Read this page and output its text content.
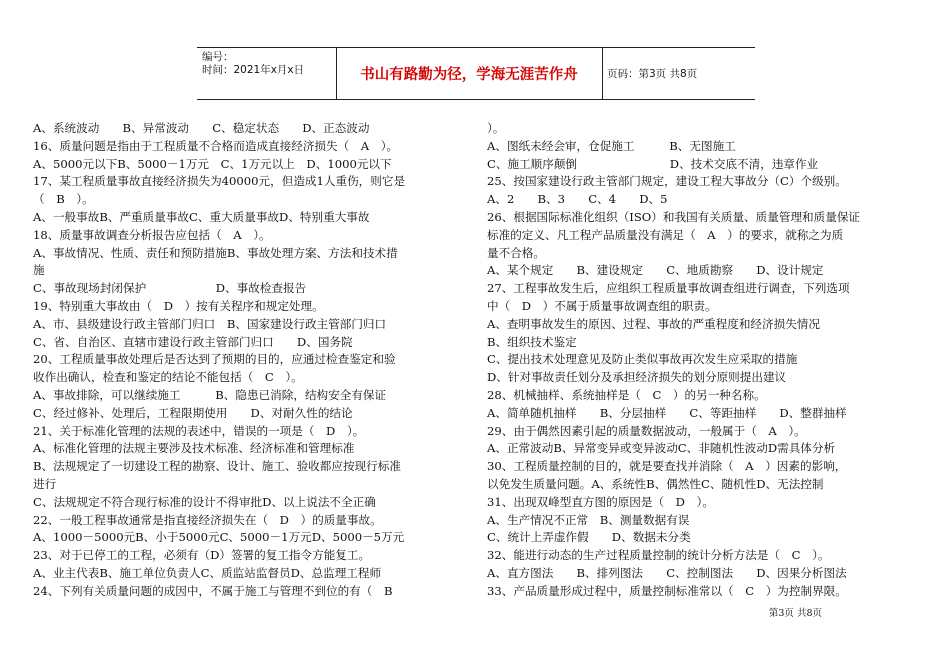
编号：
时间：2021年x月x日	书山有路勤为径，学海无涯苦作舟	页码：第3页 共8页
A、系统波动　　B、异常波动　　C、稳定状态　　D、正态波动
16、质量问题是指由于工程质量不合格而造成直接经济损失（　A　）。
A、5000元以下B、5000－1万元　C、1万元以上　D、1000元以下
17、某工程质量事故直接经济损失为40000元，但造成1人重伤，则它是
（　B　）。
A、一般事故B、严重质量事故C、重大质量事故D、特别重大事故
18、质量事故调查分析报告应包括（　A　）。
A、事故情况、性质、责任和预防措施B、事故处理方案、方法和技术措
施
C、事故现场封闭保护　　　　　　D、事故检查报告
19、特别重大事故由（　D　）按有关程序和规定处理。
A、市、县级建设行政主管部门归口　B、国家建设行政主管部门归口
C、省、自治区、直辖市建设行政主管部门归口　　D、国务院
20、工程质量事故处理后是否达到了预期的目的，应通过检查鉴定和验
收作出确认，检查和鉴定的结论不能包括（　C　）。
A、事故排除，可以继续施工　　　B、隐患已消除，结构安全有保证
C、经过修补、处理后，工程限期使用　　D、对耐久性的结论
21、关于标准化管理的法规的表述中，错误的一项是（　D　）。
A、标准化管理的法规主要涉及技术标准、经济标准和管理标准
B、法规规定了一切建设工程的勘察、设计、施工、验收都应按现行标准
进行
C、法规规定不符合现行标准的设计不得审批D、以上说法不全正确
22、一般工程事故通常是指直接经济损失在（　D　）的质量事故。
A、1000－5000元B、小于5000元C、5000－1万元D、5000－5万元
23、对于已停工的工程，必须有（D）签署的复工指令方能复工。
A、业主代表B、施工单位负责人C、质监站监督员D、总监理工程师
24、下列有关质量问题的成因中，不属于施工与管理不到位的有（　B
）。
A、图纸未经会审，仓促施工　　　B、无图施工
C、施工顺序颠倒　　　　　　　　D、技术交底不清，违章作业
25、按国家建设行政主管部门规定，建设工程大事故分（C）个级别。
A、2　　B、3　　C、4　　D、5
26、根据国际标准化组织（ISO）和我国有关质量、质量管理和质量保证
标准的定义、凡工程产品质量没有满足（　A　）的要求，就称之为质
量不合格。
A、某个规定　　B、建设规定　　C、地质勘察　　D、设计规定
27、工程事故发生后，应组织工程质量事故调查组进行调查，下列选项
中（　D　）不属于质量事故调查组的职责。
A、查明事故发生的原因、过程、事故的严重程度和经济损失情况
B、组织技术鉴定
C、提出技术处理意见及防止类似事故再次发生应采取的措施
D、针对事故责任划分及承担经济损失的划分原则提出建议
28、机械抽样、系统抽样是（　C　）的另一种名称。
A、简单随机抽样　　B、分层抽样　　C、等距抽样　　D、整群抽样
29、由于偶然因素引起的质量数据波动，一般属于（　A　）。
A、正常波动B、异常变异或变异波动C、非随机性波动D需具体分析
30、工程质量控制的目的，就是要查找并消除（　A　）因素的影响，
以免发生质量问题。A、系统性B、偶然性C、随机性D、无法控制
31、出现双峰型直方图的原因是（　D　）。
A、生产情况不正常　B、测量数据有误
C、统计上弄虚作假　　D、数据未分类
32、能进行动态的生产过程质量控制的统计分析方法是（　C　）。
A、直方图法　　B、排列图法　　C、控制图法　　D、因果分析图法
33、产品质量形成过程中，质量控制标准常以（　C　）为控制界限。
第3页 共8页
